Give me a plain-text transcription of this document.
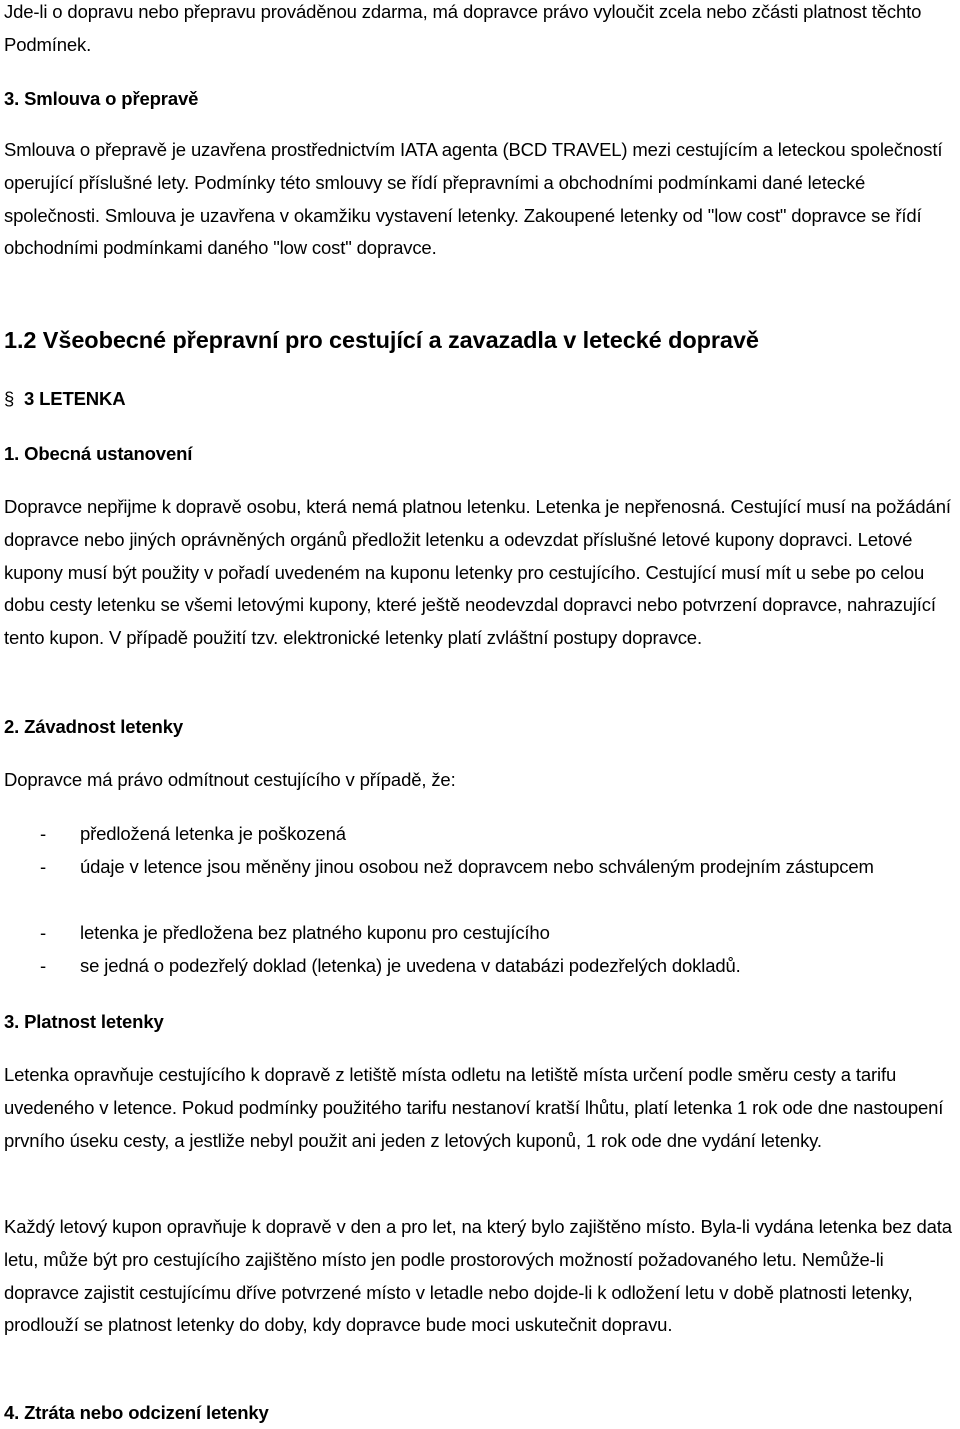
Jde-li o dopravu nebo přepravu prováděnou zdarma, má dopravce právo vyloučit zcela nebo zčásti platnost těchto Podmínek.

3. Smlouva o přepravě

Smlouva o přepravě je uzavřena prostřednictvím IATA agenta (BCD TRAVEL) mezi cestujícím a leteckou společností operující příslušné lety. Podmínky této smlouvy se řídí přepravními a obchodními podmínkami dané letecké společnosti. Smlouva je uzavřena v okamžiku vystavení letenky. Zakoupené letenky od "low cost" dopravce se řídí obchodními podmínkami daného "low cost" dopravce.

1.2 Všeobecné přepravní pro cestující a zavazadla v letecké dopravě
§ 3 LETENKA
1. Obecná ustanovení

Dopravce nepřijme k dopravě osobu, která nemá platnou letenku. Letenka je nepřenosná. Cestující musí na požádání dopravce nebo jiných oprávněných orgánů předložit letenku a odevzdat příslušné letové kupony dopravci. Letové kupony musí být použity v pořadí uvedeném na kuponu letenky pro cestujícího. Cestující musí mít u sebe po celou dobu cesty letenku se všemi letovými kupony, které ještě neodevzdal dopravci nebo potvrzení dopravce, nahrazující tento kupon. V případě použití tzv. elektronické letenky platí zvláštní postupy dopravce.

2. Závadnost letenky

Dopravce má právo odmítnout cestujícího v případě, že:

- předložená letenka je poškozená
- údaje v letence jsou měněny jinou osobou než dopravcem nebo schváleným prodejním zástupcem
- letenka je předložena bez platného kuponu pro cestujícího
- se jedná o podezřelý doklad (letenka) je uvedena v databázi podezřelých dokladů.
3. Platnost letenky

Letenka opravňuje cestujícího k dopravě z letiště místa odletu na letiště místa určení podle směru cesty a tarifu uvedeného v letence. Pokud podmínky použitého tarifu nestanoví kratší lhůtu, platí letenka 1 rok ode dne nastoupení prvního úseku cesty, a jestliže nebyl použit ani jeden z letových kuponů, 1 rok ode dne vydání letenky.

Každý letový kupon opravňuje k dopravě v den a pro let, na který bylo zajištěno místo. Byla-li vydána letenka bez data letu, může být pro cestujícího zajištěno místo jen podle prostorových možností požadovaného letu. Nemůže-li dopravce zajistit cestujícímu dříve potvrzené místo v letadle nebo dojde-li k odložení letu v době platnosti letenky, prodlouží se platnost letenky do doby, kdy dopravce bude moci uskutečnit dopravu.

4. Ztráta nebo odcizení letenky
